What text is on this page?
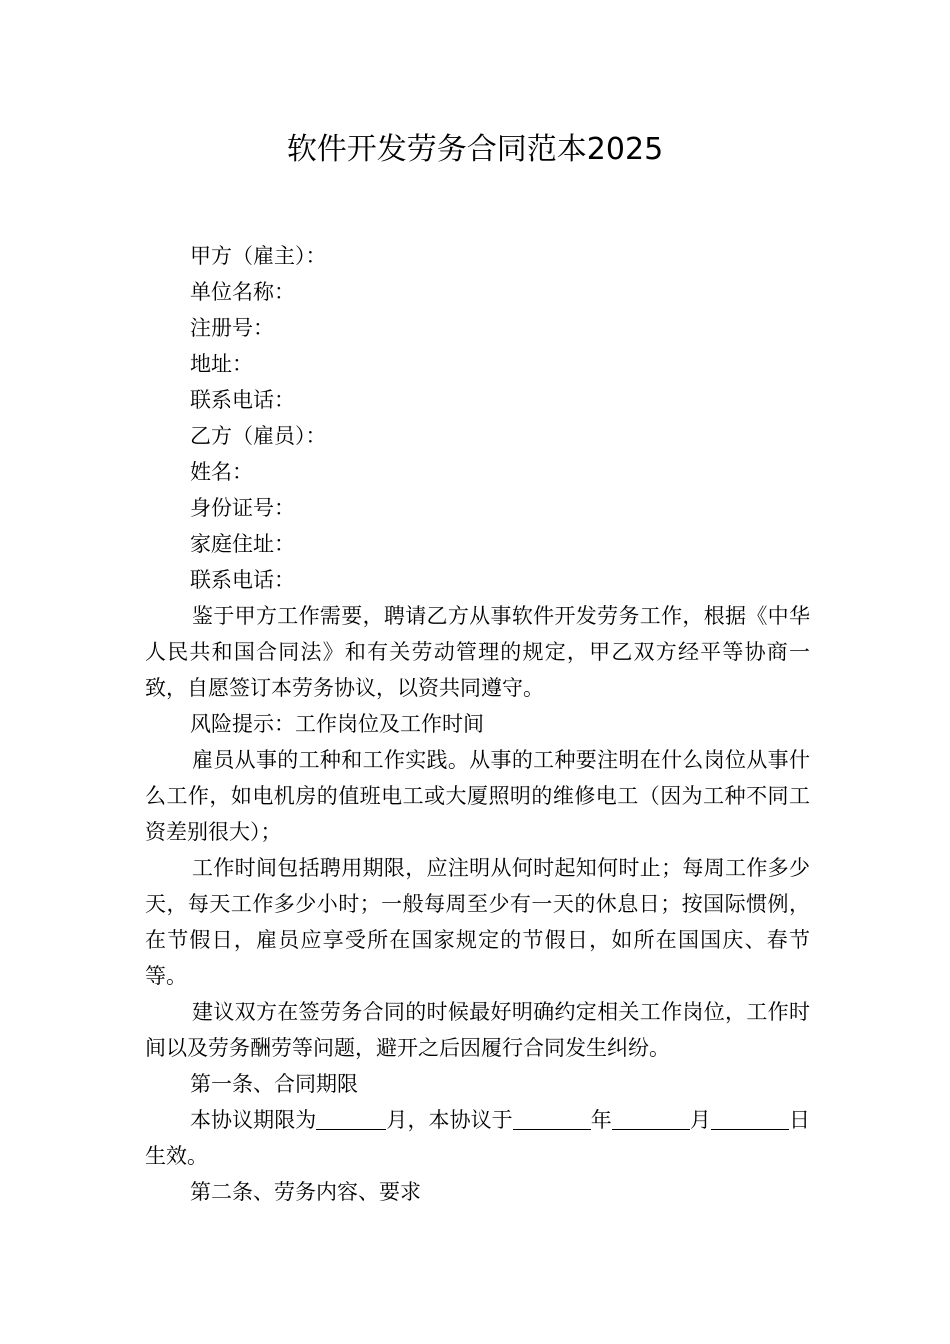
软件开发劳务合同范本2025
甲方（雇主）：
单位名称：
注册号：
地址：
联系电话：
乙方（雇员）：
姓名：
身份证号：
家庭住址：
联系电话：
鉴于甲方工作需要，聘请乙方从事软件开发劳务工作，根据《中华人民共和国合同法》和有关劳动管理的规定，甲乙双方经平等协商一致，自愿签订本劳务协议，以资共同遵守。
风险提示：工作岗位及工作时间
雇员从事的工种和工作实践。从事的工种要注明在什么岗位从事什么工作，如电机房的值班电工或大厦照明的维修电工（因为工种不同工资差别很大）；
工作时间包括聘用期限，应注明从何时起知何时止；每周工作多少天，每天工作多少小时；一般每周至少有一天的休息日；按国际惯例，在节假日，雇员应享受所在国家规定的节假日，如所在国国庆、春节等。
建议双方在签劳务合同的时候最好明确约定相关工作岗位，工作时间以及劳务酬劳等问题，避开之后因履行合同发生纠纷。
第一条、合同期限
本协议期限为	月，本协议于	年	月	日生效。
第二条、劳务内容、要求
